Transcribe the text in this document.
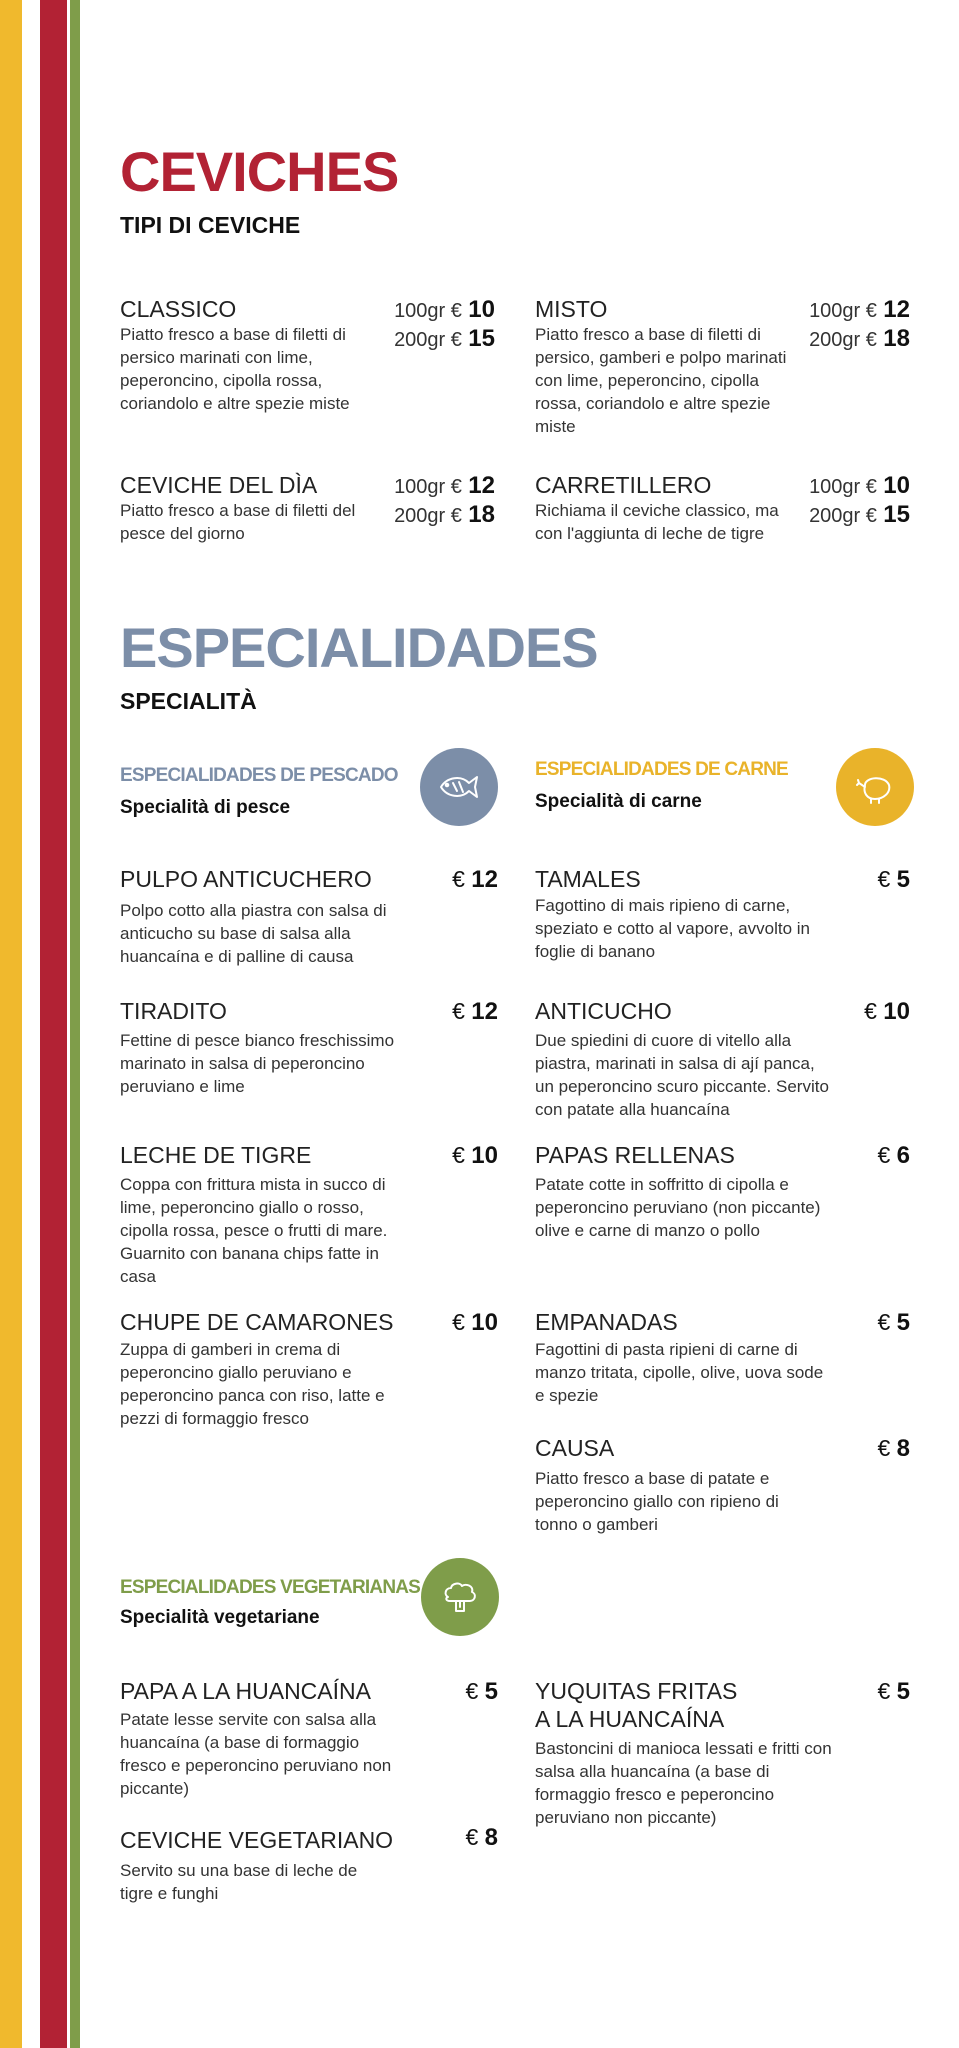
CEVICHES
TIPI DI CEVICHE
CLASSICO
Piatto fresco a base di filetti di persico marinati con lime, peperoncino, cipolla rossa, coriandolo e altre spezie miste
100gr € 10
200gr € 15
MISTO
Piatto fresco a base di filetti di persico, gamberi e polpo marinati con lime, peperoncino, cipolla rossa, coriandolo e altre spezie miste
100gr € 12
200gr € 18
CEVICHE DEL DÌA
Piatto fresco a base di filetti del pesce del giorno
100gr € 12
200gr € 18
CARRETILLERO
Richiama il ceviche classico, ma con l'aggiunta di leche de tigre
100gr € 10
200gr € 15
ESPECIALIDADES
SPECIALITÀ
ESPECIALIDADES DE PESCADO
Specialità di pesce
ESPECIALIDADES DE CARNE
Specialità di carne
PULPO ANTICUCHERO	€ 12
Polpo cotto alla piastra con salsa di anticucho su base di salsa alla huancaína e di palline di causa
TIRADITO	€ 12
Fettine di pesce bianco freschissimo marinato in salsa di peperoncino peruviano e lime
LECHE DE TIGRE	€ 10
Coppa con frittura mista in succo di lime, peperoncino giallo o rosso, cipolla rossa, pesce o frutti di mare. Guarnito con banana chips fatte in casa
CHUPE DE CAMARONES	€ 10
Zuppa di gamberi in crema di peperoncino giallo peruviano e peperoncino panca con riso, latte e pezzi di formaggio fresco
TAMALES	€ 5
Fagottino di mais ripieno di carne, speziato e cotto al vapore, avvolto in foglie di banano
ANTICUCHO	€ 10
Due spiedini di cuore di vitello alla piastra, marinati in salsa di ají panca, un peperoncino scuro piccante. Servito con patate alla huancaína
PAPAS RELLENAS	€ 6
Patate cotte in soffritto di cipolla e peperoncino peruviano (non piccante) olive e carne di manzo o pollo
EMPANADAS	€ 5
Fagottini di pasta ripieni di carne di manzo tritata, cipolle, olive, uova sode e spezie
CAUSA	€ 8
Piatto fresco a base di patate e peperoncino giallo con ripieno di tonno o gamberi
ESPECIALIDADES VEGETARIANAS
Specialità vegetariane
PAPA A LA HUANCAÍNA	€ 5
Patate lesse servite con salsa alla huancaína (a base di formaggio fresco e peperoncino peruviano non piccante)
CEVICHE VEGETARIANO	€ 8
Servito su una base di leche de tigre e funghi
YUQUITAS FRITAS
A LA HUANCAÍNA
€ 5
Bastoncini di manioca lessati e fritti con salsa alla huancaína (a base di formaggio fresco e peperoncino peruviano non piccante)
